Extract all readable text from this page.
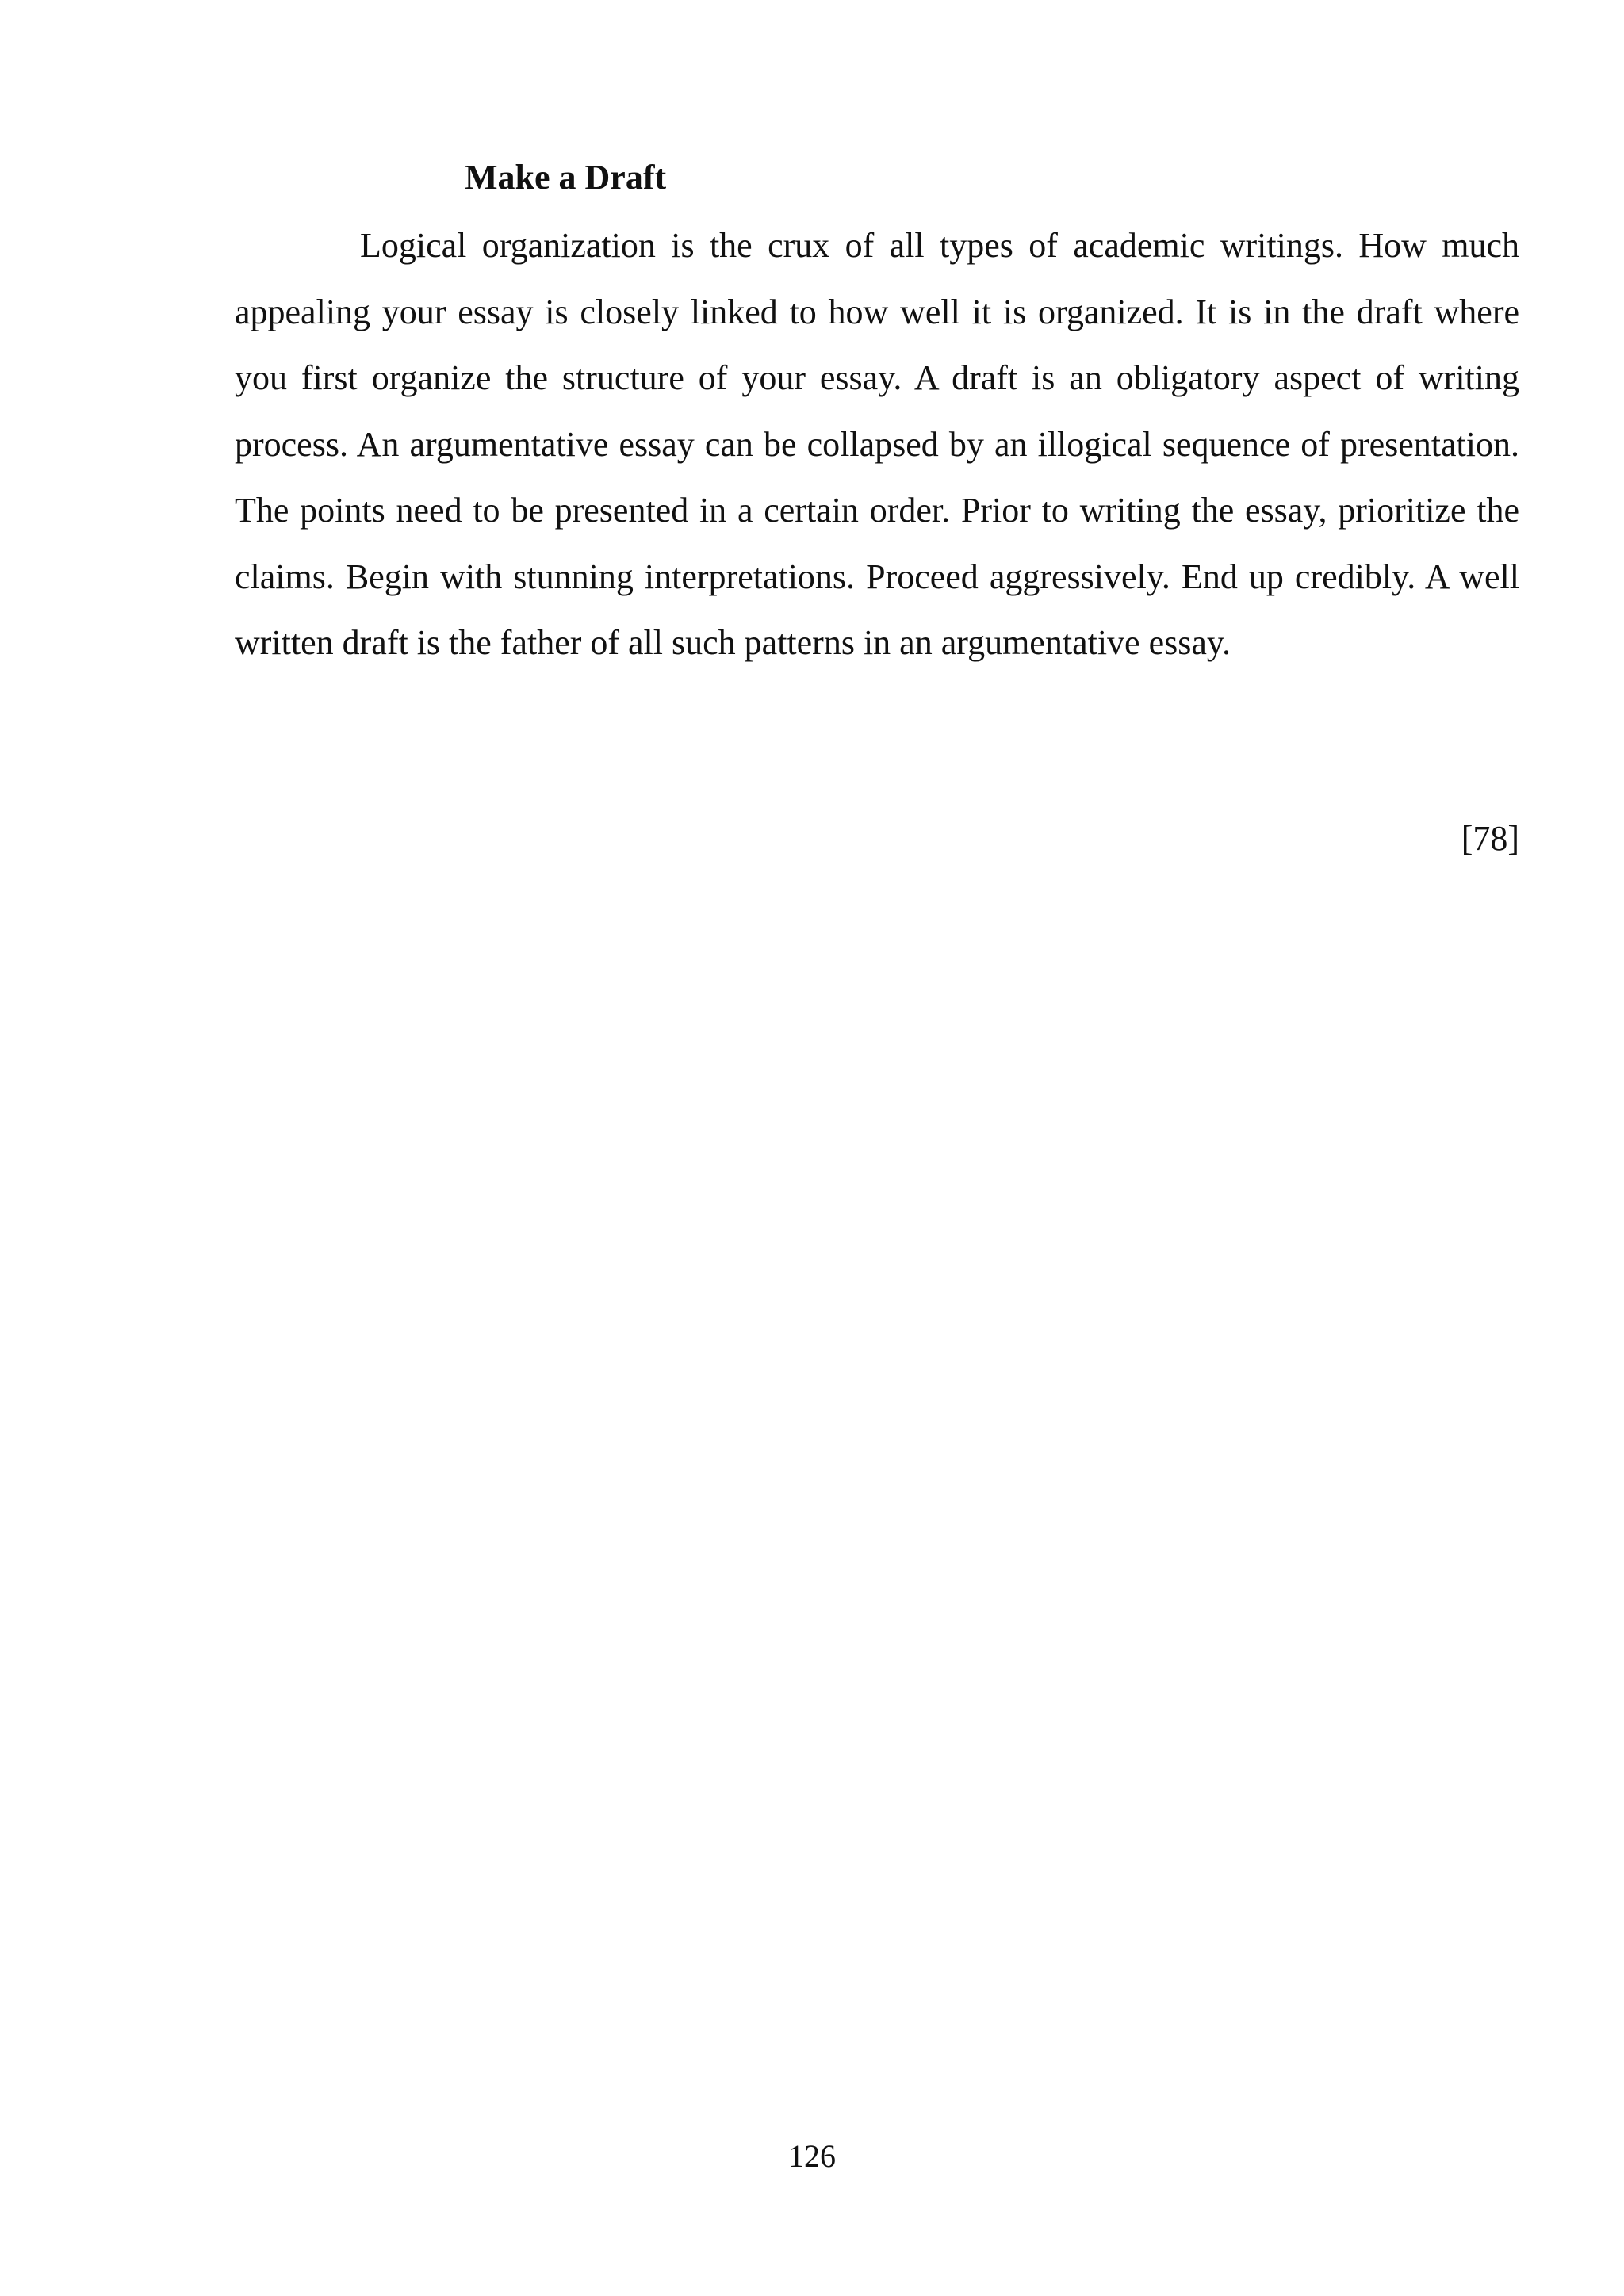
Make a Draft

Logical organization is the crux of all types of academic writings. How much appealing your essay is closely linked to how well it is organized. It is in the draft where you first organize the structure of your essay. A draft is an obligatory aspect of writing process. An argumentative essay can be collapsed by an illogical sequence of presentation. The points need to be presented in a certain order. Prior to writing the essay, prioritize the claims. Begin with stunning interpretations. Proceed aggressively. End up credibly. A well written draft is the father of all such patterns in an argumentative essay.

[78]

126
